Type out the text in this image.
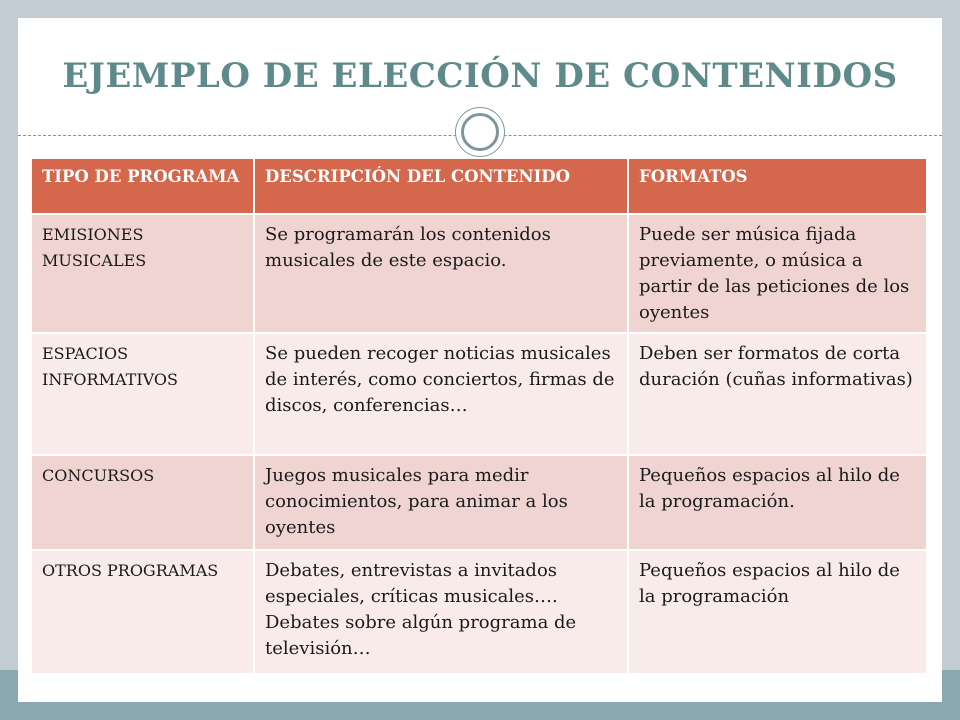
EJEMPLO DE ELECCIÓN DE CONTENIDOS
TIPO DE PROGRAMA	DESCRIPCIÓN DEL CONTENIDO	FORMATOS
EMISIONES MUSICALES	Se programarán los contenidos musicales de este espacio.	Puede ser música fijada previamente, o música a partir de las peticiones de los oyentes
ESPACIOS INFORMATIVOS	Se pueden recoger noticias musicales de interés, como conciertos, firmas de discos, conferencias…	Deben ser formatos de corta duración (cuñas informativas)
CONCURSOS	Juegos musicales para medir conocimientos, para animar a los oyentes	Pequeños espacios al hilo de la programación.
OTROS PROGRAMAS	Debates, entrevistas a invitados especiales, críticas musicales…. Debates sobre algún programa de televisión…	Pequeños espacios al hilo de la programación
